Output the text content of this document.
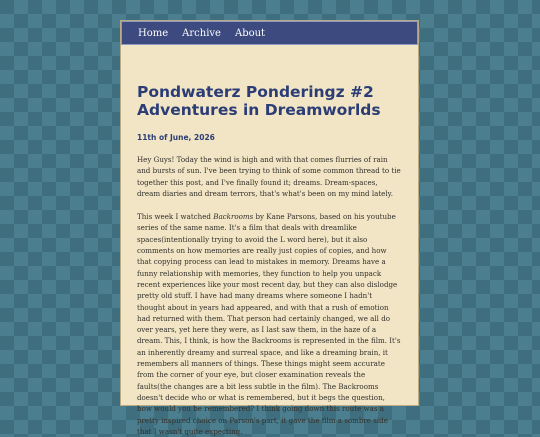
Home Archive About
Pondwaterz Ponderingz #2 Adventures in Dreamworlds
11th of June, 2026

Hey Guys! Today the wind is high and with that comes flurries of rain and bursts of sun. I've been trying to think of some common thread to tie together this post, and I've finally found it; dreams. Dream-spaces, dream diaries and dream terrors, that's what's been on my mind lately.

This week I watched Backrooms by Kane Parsons, based on his youtube series of the same name. It's a film that deals with dreamlike spaces(intentionally trying to avoid the L word here), but it also comments on how memories are really just copies of copies, and how that copying process can lead to mistakes in memory. Dreams have a funny relationship with memories, they function to help you unpack recent experiences like your most recent day, but they can also dislodge pretty old stuff. I have had many dreams where someone I hadn't thought about in years had appeared, and with that a rush of emotion had returned with them. That person had certainly changed, we all do over years, yet here they were, as I last saw them, in the haze of a dream. This, I think, is how the Backrooms is represented in the film. It's an inherently dreamy and surreal space, and like a dreaming brain, it remembers all manners of things. These things might seem accurate from the corner of your eye, but closer examination reveals the faults(the changes are a bit less subtle in the film). The Backrooms doesn't decide who or what is remembered, but it begs the question, how would you be remembered? I think going down this route was a pretty inspired choice on Parson's part, it gave the film a sombre side that I wasn't quite expecting.
